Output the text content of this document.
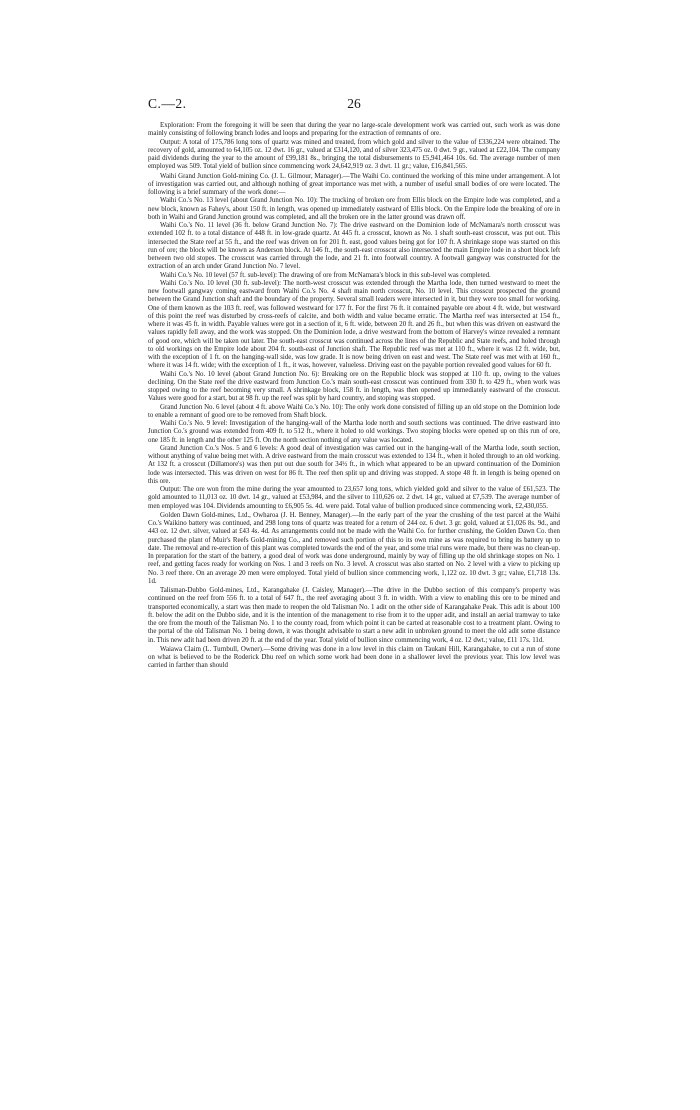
C.—2.	26

Exploration: From the foregoing it will be seen that during the year no large-scale development work was carried out, such work as was done mainly consisting of following branch lodes and loops and preparing for the extraction of remnants of ore.

Output: A total of 175,786 long tons of quartz was mined and treated, from which gold and silver to the value of £336,224 were obtained. The recovery of gold, amounted to 64,105 oz. 12 dwt. 16 gr., valued at £314,120, and of silver 323,475 oz. 0 dwt. 9 gr., valued at £22,104. The company paid dividends during the year to the amount of £99,181 8s., bringing the total disbursements to £5,941,464 10s. 6d. The average number of men employed was 509. Total yield of bullion since commencing work 24,642,919 oz. 3 dwt. 11 gr.; value, £16,841,565.

Waihi Grand Junction Gold-mining Co. (J. L. Gilmour, Manager).—The Waihi Co. continued the working of this mine under arrangement. A lot of investigation was carried out, and although nothing of great importance was met with, a number of useful small bodies of ore were located. The following is a brief summary of the work done:—

Waihi Co.'s No. 13 level (about Grand Junction No. 10): The trucking of broken ore from Ellis block on the Empire lode was completed, and a new block, known as Fahey's, about 150 ft. in length, was opened up immediately eastward of Ellis block. On the Empire lode the breaking of ore in both in Waihi and Grand Junction ground was completed, and all the broken ore in the latter ground was drawn off.

Waihi Co.'s No. 11 level (36 ft. below Grand Junction No. 7): The drive eastward on the Dominion lode of McNamara's north crosscut was extended 102 ft. to a total distance of 448 ft. in low-grade quartz. At 445 ft. a crosscut, known as No. 1 shaft south-east crosscut, was put out. This intersected the State reef at 55 ft., and the reef was driven on for 201 ft. east, good values being got for 107 ft. A shrinkage stope was started on this run of ore; the block will be known as Anderson block. At 146 ft., the south-east crosscut also intersected the main Empire lode in a short block left between two old stopes. The crosscut was carried through the lode, and 21 ft. into footwall country. A footwall gangway was constructed for the extraction of an arch under Grand Junction No. 7 level.

Waihi Co.'s No. 10 level (57 ft. sub-level): The drawing of ore from McNamara's block in this sub-level was completed.

Waihi Co.'s No. 10 level (30 ft. sub-level): The north-west crosscut was extended through the Martha lode, then turned westward to meet the new footwall gangway coming eastward from Waihi Co.'s No. 4 shaft main north crosscut, No. 10 level. This crosscut prospected the ground between the Grand Junction shaft and the boundary of the property. Several small leaders were intersected in it, but they were too small for working. One of them known as the 103 ft. reef, was followed westward for 177 ft. For the first 76 ft. it contained payable ore about 4 ft. wide, but westward of this point the reef was disturbed by cross-reefs of calcite, and both width and value became erratic. The Martha reef was intersected at 154 ft., where it was 45 ft. in width. Payable values were got in a section of it, 6 ft. wide, between 20 ft. and 26 ft., but when this was driven on eastward the values rapidly fell away, and the work was stopped. On the Dominion lode, a drive westward from the bottom of Harvey's winze revealed a remnant of good ore, which will be taken out later. The south-east crosscut was continued across the lines of the Republic and State reefs, and holed through to old workings on the Empire lode about 204 ft. south-east of Junction shaft. The Republic reef was met at 110 ft., where it was 12 ft. wide, but, with the exception of 1 ft. on the hanging-wall side, was low grade. It is now being driven on east and west. The State reef was met with at 160 ft., where it was 14 ft. wide; with the exception of 1 ft., it was, however, valueless. Driving east on the payable portion revealed good values for 60 ft.

Waihi Co.'s No. 10 level (about Grand Junction No. 6): Breaking ore on the Republic block was stopped at 110 ft. up, owing to the values declining. On the State reef the drive eastward from Junction Co.'s main south-east crosscut was continued from 330 ft. to 429 ft., when work was stopped owing to the reef becoming very small. A shrinkage block, 158 ft. in length, was then opened up immediately eastward of the crosscut. Values were good for a start, but at 98 ft. up the reef was split by hard country, and stoping was stopped.

Grand Junction No. 6 level (about 4 ft. above Waihi Co.'s No. 10): The only work done consisted of filling up an old stope on the Dominion lode to enable a remnant of good ore to be removed from Shaft block.

Waihi Co.'s No. 9 level: Investigation of the hanging-wall of the Martha lode north and south sections was continued. The drive eastward into Junction Co.'s ground was extended from 409 ft. to 512 ft., where it holed to old workings. Two stoping blocks were opened up on this run of ore, one 185 ft. in length and the other 125 ft. On the north section nothing of any value was located.

Grand Junction Co.'s Nos. 5 and 6 levels: A good deal of investigation was carried out in the hanging-wall of the Martha lode, south section, without anything of value being met with. A drive eastward from the main crosscut was extended to 134 ft., when it holed through to an old working. At 132 ft. a crosscut (Dillamore's) was then put out due south for 34½ ft., in which what appeared to be an upward continuation of the Dominion lode was intersected. This was driven on west for 86 ft. The reef then split up and driving was stopped. A stope 48 ft. in length is being opened on this ore.

Output: The ore won from the mine during the year amounted to 23,657 long tons, which yielded gold and silver to the value of £61,523. The gold amounted to 11,013 oz. 10 dwt. 14 gr., valued at £53,984, and the silver to 110,626 oz. 2 dwt. 14 gr., valued at £7,539. The average number of men employed was 104. Dividends amounting to £6,905 5s. 4d. were paid. Total value of bullion produced since commencing work, £2,430,055.

Golden Dawn Gold-mines, Ltd., Owharoa (J. H. Benney, Manager).—In the early part of the year the crushing of the test parcel at the Waihi Co.'s Waikino battery was continued, and 298 long tons of quartz was treated for a return of 244 oz. 6 dwt. 3 gr. gold, valued at £1,026 8s. 9d., and 443 oz. 12 dwt. silver, valued at £43 4s. 4d. As arrangements could not be made with the Waihi Co. for further crushing, the Golden Dawn Co. then purchased the plant of Muir's Reefs Gold-mining Co., and removed such portion of this to its own mine as was required to bring its battery up to date. The removal and re-erection of this plant was completed towards the end of the year, and some trial runs were made, but there was no clean-up. In preparation for the start of the battery, a good deal of work was done underground, mainly by way of filling up the old shrinkage stopes on No. 1 reef, and getting faces ready for working on Nos. 1 and 3 reefs on No. 3 level. A crosscut was also started on No. 2 level with a view to picking up No. 3 reef there. On an average 20 men were employed. Total yield of bullion since commencing work, 1,122 oz. 10 dwt. 3 gr.; value, £1,718 13s. 1d.

Talisman-Dubbo Gold-mines, Ltd., Karangahake (J. Caisley, Manager).—The drive in the Dubbo section of this company's property was continued on the reef from 556 ft. to a total of 647 ft., the reef averaging about 3 ft. in width. With a view to enabling this ore to be mined and transported economically, a start was then made to reopen the old Talisman No. 1 adit on the other side of Karangahake Peak. This adit is about 100 ft. below the adit on the Dubbo side, and it is the intention of the management to rise from it to the upper adit, and install an aerial tramway to take the ore from the mouth of the Talisman No. 1 to the county road, from which point it can be carted at reasonable cost to a treatment plant. Owing to the portal of the old Talisman No. 1 being down, it was thought advisable to start a new adit in unbroken ground to meet the old adit some distance in. This new adit had been driven 20 ft. at the end of the year. Total yield of bullion since commencing work, 4 oz. 12 dwt.; value, £11 17s. 11d.

Waiawa Claim (L. Turnbull, Owner).—Some driving was done in a low level in this claim on Taukani Hill, Karangahake, to cut a run of stone on what is believed to be the Roderick Dhu reef on which some work had been done in a shallower level the previous year. This low level was carried in farther than should
